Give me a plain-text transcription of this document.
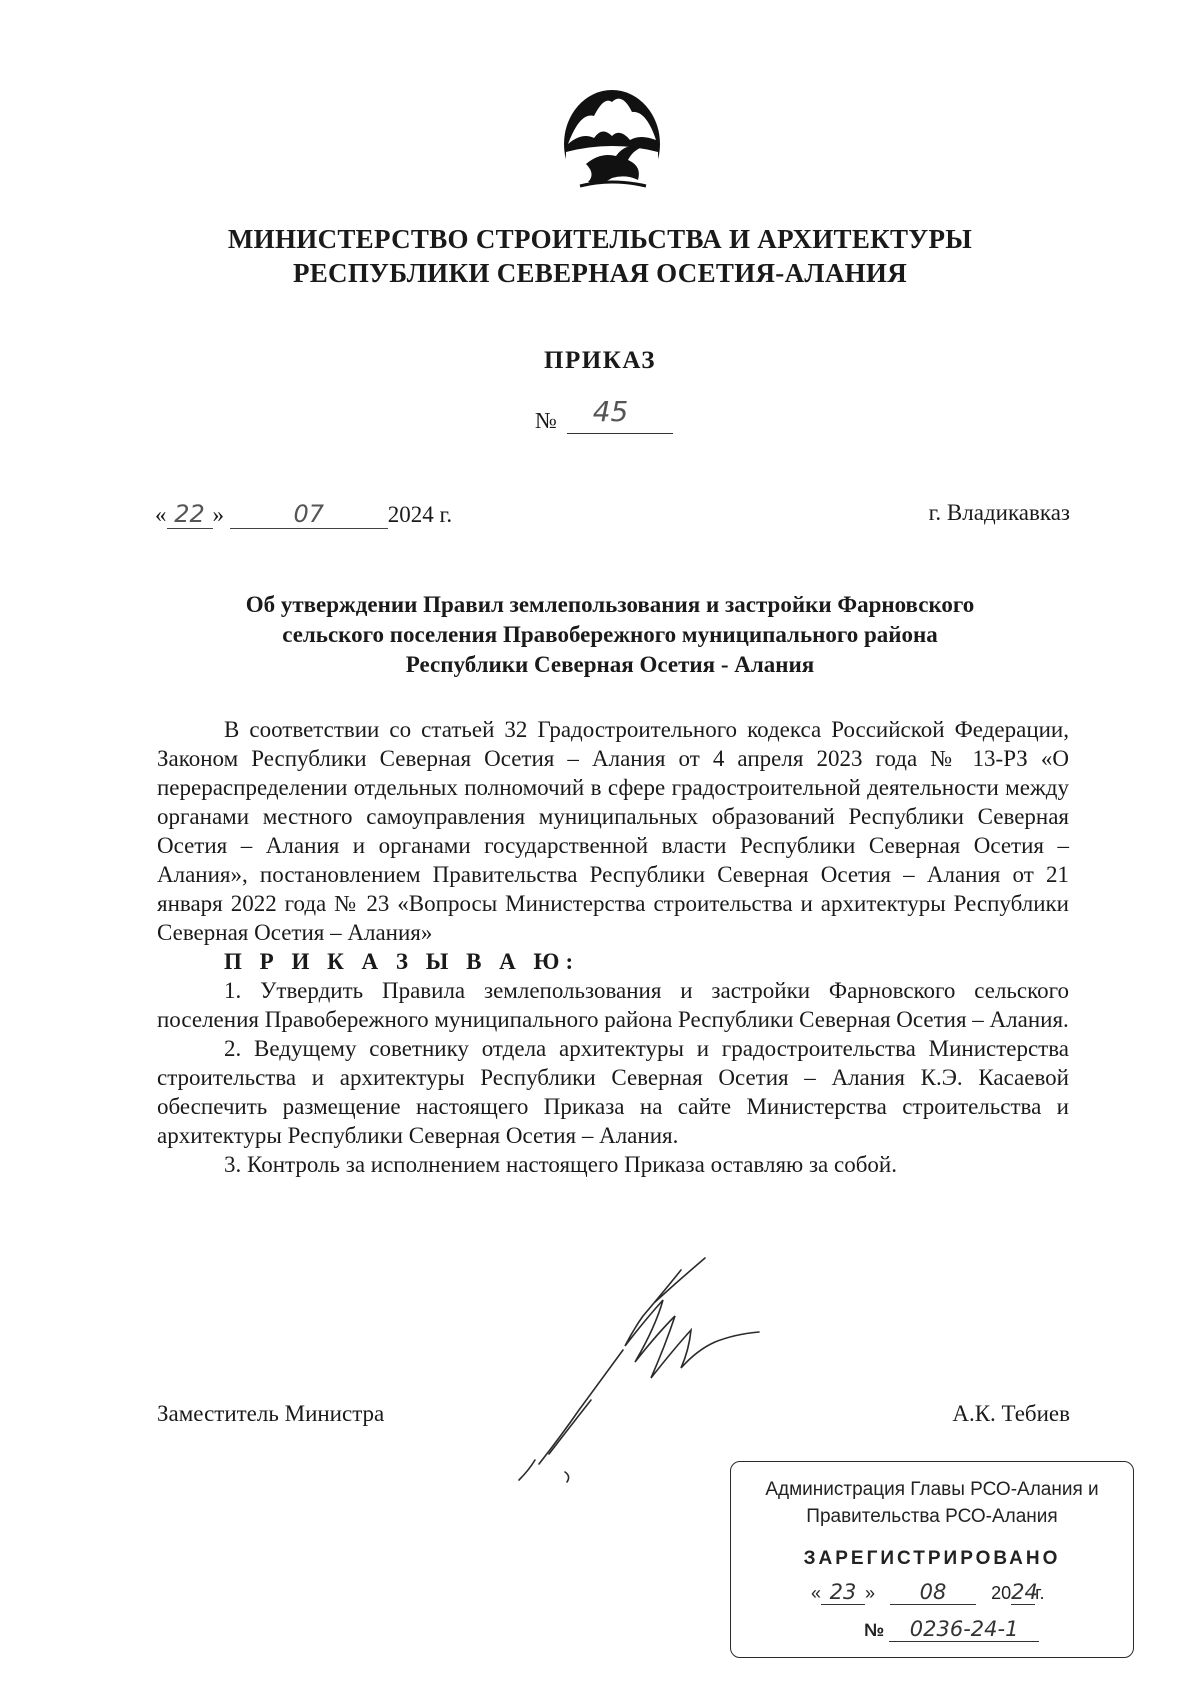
МИНИСТЕРСТВО СТРОИТЕЛЬСТВА И АРХИТЕКТУРЫ
РЕСПУБЛИКИ СЕВЕРНАЯ ОСЕТИЯ-АЛАНИЯ
ПРИКАЗ
№ 45
« 22 »	07	2024 г.	г. Владикавказ
Об утверждении Правил землепользования и застройки Фарновского
сельского поселения Правобережного муниципального района
Республики Северная Осетия - Алания

В соответствии со статьей 32 Градостроительного кодекса Российской Федерации, Законом Республики Северная Осетия – Алания от 4 апреля 2023 года № 13-РЗ «О перераспределении отдельных полномочий в сфере градостроительной деятельности между органами местного самоуправления муниципальных образований Республики Северная Осетия – Алания и органами государственной власти Республики Северная Осетия – Алания», постановлением Правительства Республики Северная Осетия – Алания от 21 января 2022 года № 23 «Вопросы Министерства строительства и архитектуры Республики Северная Осетия – Алания»

П Р И К А З Ы В А Ю:

1. Утвердить Правила землепользования и застройки Фарновского сельского поселения Правобережного муниципального района Республики Северная Осетия – Алания.

2. Ведущему советнику отдела архитектуры и градостроительства Министерства строительства и архитектуры Республики Северная Осетия – Алания К.Э. Касаевой обеспечить размещение настоящего Приказа на сайте Министерства строительства и архитектуры Республики Северная Осетия – Алания.

3. Контроль за исполнением настоящего Приказа оставляю за собой.

Заместитель Министра	А.К. Тебиев
Администрация Главы РСО-Алания и
Правительства РСО-Алания
ЗАРЕГИСТРИРОВАНО
« 23 » 08 2024г.
№ 0236-24-1
